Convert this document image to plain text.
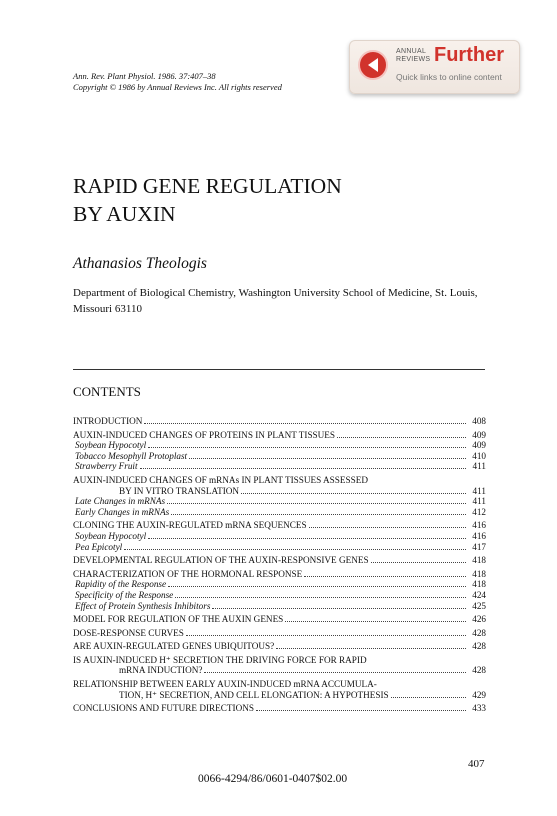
Ann. Rev. Plant Physiol. 1986. 37:407–38
Copyright © 1986 by Annual Reviews Inc. All rights reserved
ANNUAL
REVIEWS Further
Quick links to online content
RAPID GENE REGULATION
BY AUXIN
Athanasios Theologis
Department of Biological Chemistry, Washington University School of Medicine, St. Louis, Missouri 63110
CONTENTS
INTRODUCTION	408
AUXIN-INDUCED CHANGES OF PROTEINS IN PLANT TISSUES	409
Soybean Hypocotyl	409
Tobacco Mesophyll Protoplast	410
Strawberry Fruit	411
AUXIN-INDUCED CHANGES OF mRNAs IN PLANT TISSUES ASSESSED
BY IN VITRO TRANSLATION	411
Late Changes in mRNAs	411
Early Changes in mRNAs	412
CLONING THE AUXIN-REGULATED mRNA SEQUENCES	416
Soybean Hypocotyl	416
Pea Epicotyl	417
DEVELOPMENTAL REGULATION OF THE AUXIN-RESPONSIVE GENES	418
CHARACTERIZATION OF THE HORMONAL RESPONSE	418
Rapidity of the Response	418
Specificity of the Response	424
Effect of Protein Synthesis Inhibitors	425
MODEL FOR REGULATION OF THE AUXIN GENES	426
DOSE-RESPONSE CURVES	428
ARE AUXIN-REGULATED GENES UBIQUITOUS?	428
IS AUXIN-INDUCED H⁺ SECRETION THE DRIVING FORCE FOR RAPID
mRNA INDUCTION?	428
RELATIONSHIP BETWEEN EARLY AUXIN-INDUCED mRNA ACCUMULA-
TION, H⁺ SECRETION, AND CELL ELONGATION: A HYPOTHESIS	429
CONCLUSIONS AND FUTURE DIRECTIONS	433
407
0066-4294/86/0601-0407$02.00
